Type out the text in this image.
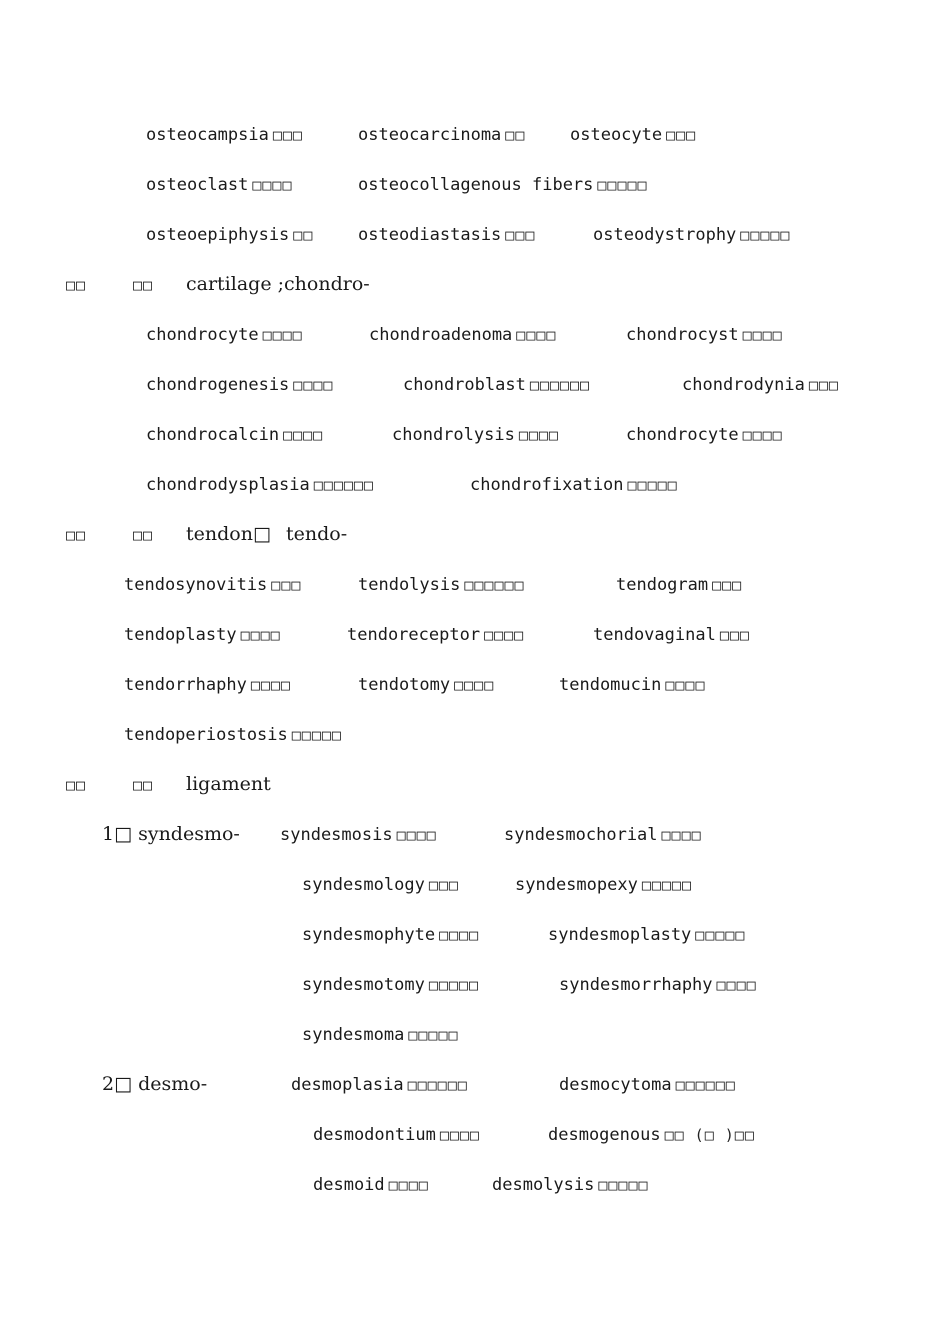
osteocampsia □□□	osteocarcinoma □□	osteocyte □□□
osteoclast □□□□	osteocollagenous fibers □□□□□
osteoepiphysis □□	osteodiastasis □□□	osteodystrophy □□□□□
□□	□□ cartilage ;chondro-
chondrocyte □□□□	chondroadenoma □□□□	chondrocyst □□□□
chondrogenesis □□□□	chondroblast □□□□□□	chondrodynia □□□
chondrocalcin □□□□	chondrolysis □□□□	chondrocyte □□□□
chondrodysplasia □□□□□□	chondrofixation □□□□□
□□	□□ tendon□ tendo-
tendosynovitis □□□	tendolysis □□□□□□	tendogram □□□
tendoplasty □□□□	tendoreceptor □□□□	tendovaginal □□□
tendorrhaphy □□□□	tendotomy □□□□	tendomucin □□□□
tendoperiostosis □□□□□
□□	□□ ligament
1□ syndesmo- syndesmosis □□□□	syndesmochorial □□□□
syndesmology □□□	syndesmopexy □□□□□
syndesmophyte □□□□	syndesmoplasty □□□□□
syndesmotomy □□□□□	syndesmorrhaphy □□□□
syndesmoma □□□□□
2□ desmo-	desmoplasia □□□□□□	desmocytoma □□□□□□
desmodontium □□□□	desmogenous □□ (□ )□□
desmoid □□□□	desmolysis □□□□□
